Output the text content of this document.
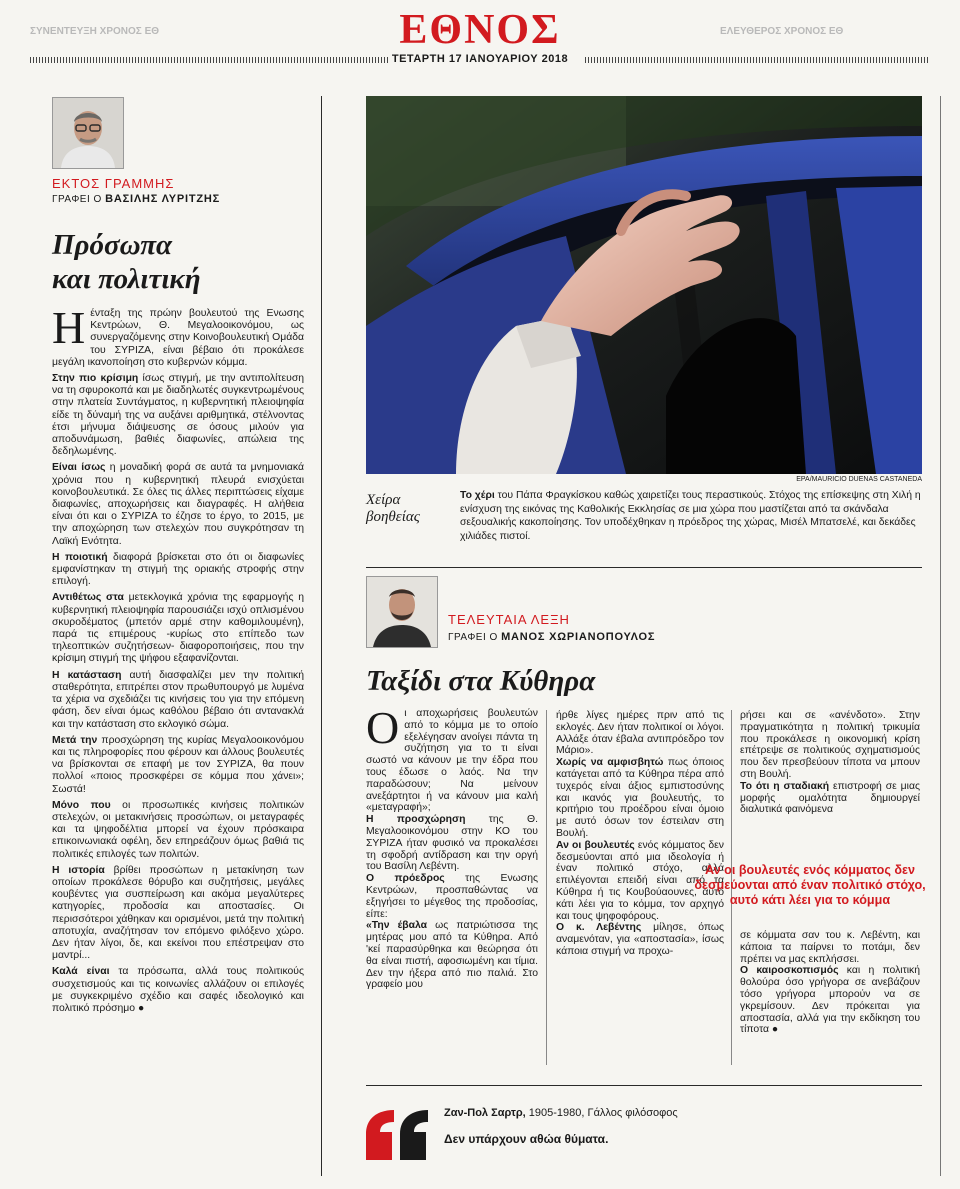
ΣΥΝΕΝΤΕΥΞΗ ΧΡΟΝΟΣ ΕΘ	ΕΛΕΥΘΕΡΟΣ ΧΡΟΝΟΣ ΕΘ
ΕΘΝΟΣ
ΤΕΤΑΡΤΗ 17 ΙΑΝΟΥΑΡΙΟΥ 2018
ΕΚΤΟΣ ΓΡΑΜΜΗΣ
ΓΡΑΦΕΙ Ο ΒΑΣΙΛΗΣ ΛΥΡΙΤΖΗΣ
Πρόσωπα
και πολιτική

Ηένταξη της πρώην βουλευτού της Ενωσης Κεντρώων, Θ. Μεγαλοοικονόμου, ως συνεργαζόμενης στην Κοινοβουλευτική Ομάδα του ΣΥΡΙΖΑ, είναι βέβαιο ότι προκάλεσε μεγάλη ικανοποίηση στο κυβερνών κόμμα.

Στην πιο κρίσιμη ίσως στιγμή, με την αντιπολίτευση να τη σφυροκοπά και με διαδηλωτές συγκεντρωμένους στην πλατεία Συντάγματος, η κυβερνητική πλειοψηφία είδε τη δύναμή της να αυξάνει αριθμητικά, στέλνοντας έτσι μήνυμα διάψευσης σε όσους μιλούν για αποδυνάμωση, βαθιές διαφωνίες, απώλεια της δεδηλωμένης.

Είναι ίσως η μοναδική φορά σε αυτά τα μνημονιακά χρόνια που η κυβερνητική πλευρά ενισχύεται κοινοβουλευτικά. Σε όλες τις άλλες περιπτώσεις είχαμε διαφωνίες, αποχωρήσεις και διαγραφές. Η αλήθεια είναι ότι και ο ΣΥΡΙΖΑ το έζησε το έργο, το 2015, με την αποχώρηση των στελεχών που συγκρότησαν τη Λαϊκή Ενότητα.

Η ποιοτική διαφορά βρίσκεται στο ότι οι διαφωνίες εμφανίστηκαν τη στιγμή της οριακής στροφής στην επιλογή.

Αντιθέτως στα μετεκλογικά χρόνια της εφαρμογής η κυβερνητική πλειοψηφία παρουσιάζει ισχύ οπλισμένου σκυροδέματος (μπετόν αρμέ στην καθομιλουμένη), παρά τις επιμέρους -κυρίως στο επίπεδο των τηλεοπτικών συζητήσεων- διαφοροποιήσεις, που την κρίσιμη στιγμή της ψήφου εξαφανίζονται.

Η κατάσταση αυτή διασφαλίζει μεν την πολιτική σταθερότητα, επιτρέπει στον πρωθυπουργό με λυμένα τα χέρια να σχεδιάζει τις κινήσεις του για την επόμενη φάση, δεν είναι όμως καθόλου βέβαιο ότι αντανακλά και την κατάσταση στο εκλογικό σώμα.

Μετά την προσχώρηση της κυρίας Μεγαλοοικονόμου και τις πληροφορίες που φέρουν και άλλους βουλευτές να βρίσκονται σε επαφή με τον ΣΥΡΙΖΑ, θα πουν πολλοί «ποιος προσκφέρει σε κόμμα που χάνει»; Σωστά!

Μόνο που οι προσωπικές κινήσεις πολιτικών στελεχών, οι μετακινήσεις προσώπων, οι μεταγραφές και τα ψηφοδέλτια μπορεί να έχουν πρόσκαιρα επικοινωνιακά οφέλη, δεν επηρεάζουν όμως βαθιά τις πολιτικές επιλογές των πολιτών.

Η ιστορία βρίθει προσώπων η μετακίνηση των οποίων προκάλεσε θόρυβο και συζητήσεις, μεγάλες κουβέντες για συσπείρωση και ακόμα μεγαλύτερες κατηγορίες, προδοσία και αποστασίες. Οι περισσότεροι χάθηκαν και ορισμένοι, μετά την πολιτική αποτυχία, αναζήτησαν τον επόμενο φιλόξενο χώρο. Δεν ήταν λίγοι, δε, και εκείνοι που επέστρεψαν στο μαντρί...

Καλά είναι τα πρόσωπα, αλλά τους πολιτικούς συσχετισμούς και τις κοινωνίες αλλάζουν οι επιλογές με συγκεκριμένο σχέδιο και σαφές ιδεολογικό και πολιτικό πρόσημο ●

EPA/MAURICIO DUENAS CASTANEDA
Χείρα
βοηθείας
Το χέρι του Πάπα Φραγκίσκου καθώς χαιρετίζει τους περαστικούς. Στόχος της επίσκεψης στη Χιλή η ενίσχυση της εικόνας της Καθολικής Εκκλησίας σε μια χώρα που μαστίζεται από τα σκάνδαλα σεξουαλικής κακοποίησης. Τον υποδέχθηκαν η πρόεδρος της χώρας, Μισέλ Μπατσελέ, και δεκάδες χιλιάδες πιστοί.
ΤΕΛΕΥΤΑΙΑ ΛΕΞΗ
ΓΡΑΦΕΙ Ο ΜΑΝΟΣ ΧΩΡΙΑΝΟΠΟΥΛΟΣ
Ταξίδι στα Κύθηρα

Οι αποχωρήσεις βουλευτών από το κόμμα με το οποίο εξελέγησαν ανοίγει πάντα τη συζήτηση για το τι είναι σωστό να κάνουν με την έδρα που τους έδωσε ο λαός. Να την παραδώσουν; Να μείνουν ανεξάρτητοι ή να κάνουν μια καλή «μεταγραφή»;

Η προσχώρηση της Θ. Μεγαλοοικονόμου στην ΚΟ του ΣΥΡΙΖΑ ήταν φυσικό να προκαλέσει τη σφοδρή αντίδραση και την οργή του Βασίλη Λεβέντη.

Ο πρόεδρος της Ενωσης Κεντρώων, προσπαθώντας να εξηγήσει το μέγεθος της προδοσίας, είπε:

«Την έβαλα ως πατριώτισσα της μητέρας μου από τα Κύθηρα. Από 'κεί παρασύρθηκα και θεώρησα ότι θα είναι πιστή, αφοσιωμένη και τίμια. Δεν την ήξερα από πιο παλιά. Στο γραφείο μου

ήρθε λίγες ημέρες πριν από τις εκλογές. Δεν ήταν πολιτικοί οι λόγοι. Αλλάξε όταν έβαλα αντιπρόεδρο τον Μάριο».

Χωρίς να αμφισβητώ πως όποιος κατάγεται από τα Κύθηρα πέρα από τυχερός είναι άξιος εμπιστοσύνης και ικανός για βουλευτής, το κριτήριο του προέδρου είναι όμοιο με αυτό όσων τον έστειλαν στη Βουλή.

Αν οι βουλευτές ενός κόμματος δεν δεσμεύονται από μια ιδεολογία ή έναν πολιτικό στόχο, αλλά επιλέγονται επειδή είναι από τα Κύθηρα ή τις Κουβούαουνες, αυτό κάτι λέει για το κόμμα, τον αρχηγό και τους ψηφοφόρους.

Ο κ. Λεβέντης μίλησε, όπως αναμενόταν, για «αποστασία», ίσως κάποια στιγμή να προχω-

ρήσει και σε «ανένδοτο». Στην πραγματικότητα η πολιτική τρικυμία που προκάλεσε η οικονομική κρίση επέτρεψε σε πολιτικούς σχηματισμούς που δεν πρεσβεύουν τίποτα να μπουν στη Βουλή.

Το ότι η σταδιακή επιστροφή σε μιας μορφής ομαλότητα δημιουργεί διαλυτικά φαινόμενα

Αν οι βουλευτές ενός κόμματος δεν δεσμεύονται από έναν πολιτικό στόχο, αυτό κάτι λέει για το κόμμα

σε κόμματα σαν του κ. Λεβέντη, και κάποια τα παίρνει το ποτάμι, δεν πρέπει να μας εκπλήσσει.

Ο καιροσκοπισμός και η πολιτική θολούρα όσο γρήγορα σε ανεβάζουν τόσο γρήγορα μπορούν να σε γκρεμίσουν. Δεν πρόκειται για αποστασία, αλλά για την εκδίκηση του τίποτα ●

Ζαν-Πολ Σαρτρ, 1905-1980, Γάλλος φιλόσοφος
Δεν υπάρχουν αθώα θύματα.
